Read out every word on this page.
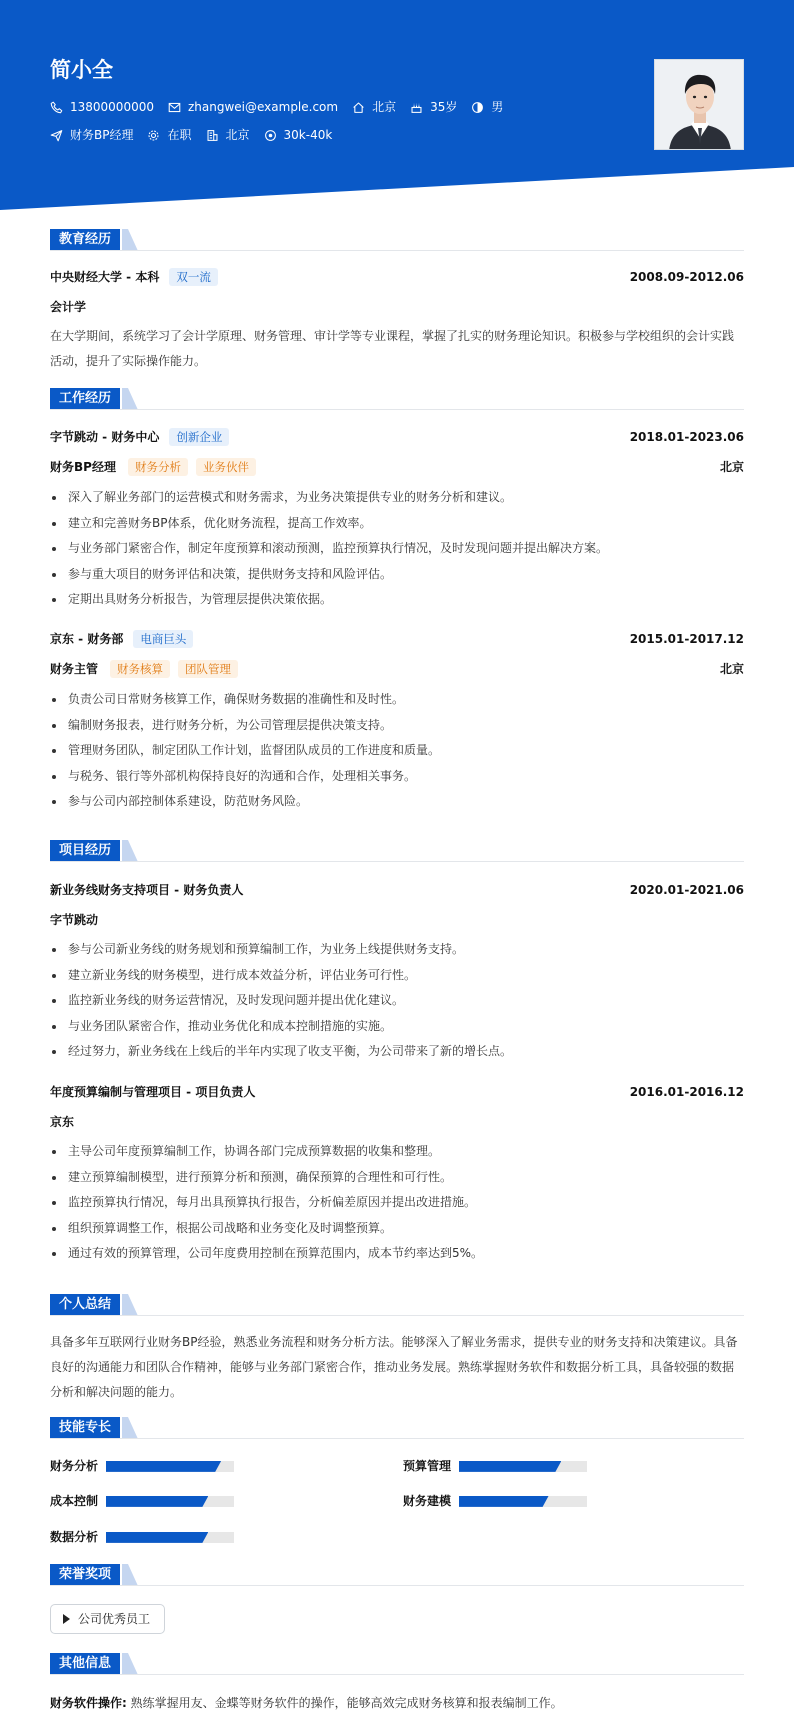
简小全
13800000000	zhangwei@example.com	北京	35岁	男
财务BP经理	在职	北京	30k-40k
教育经历
中央财经大学 - 本科	双一流	2008.09-2012.06
会计学
在大学期间，系统学习了会计学原理、财务管理、审计学等专业课程，掌握了扎实的财务理论知识。积极参与学校组织的会计实践活动，提升了实际操作能力。
工作经历
字节跳动 - 财务中心	创新企业	2018.01-2023.06
财务BP经理	财务分析	业务伙伴	北京
深入了解业务部门的运营模式和财务需求，为业务决策提供专业的财务分析和建议。
建立和完善财务BP体系，优化财务流程，提高工作效率。
与业务部门紧密合作，制定年度预算和滚动预测，监控预算执行情况，及时发现问题并提出解决方案。
参与重大项目的财务评估和决策，提供财务支持和风险评估。
定期出具财务分析报告，为管理层提供决策依据。
京东 - 财务部	电商巨头	2015.01-2017.12
财务主管	财务核算	团队管理	北京
负责公司日常财务核算工作，确保财务数据的准确性和及时性。
编制财务报表，进行财务分析，为公司管理层提供决策支持。
管理财务团队，制定团队工作计划，监督团队成员的工作进度和质量。
与税务、银行等外部机构保持良好的沟通和合作，处理相关事务。
参与公司内部控制体系建设，防范财务风险。
项目经历
新业务线财务支持项目 - 财务负责人	2020.01-2021.06
字节跳动
参与公司新业务线的财务规划和预算编制工作，为业务上线提供财务支持。
建立新业务线的财务模型，进行成本效益分析，评估业务可行性。
监控新业务线的财务运营情况，及时发现问题并提出优化建议。
与业务团队紧密合作，推动业务优化和成本控制措施的实施。
经过努力，新业务线在上线后的半年内实现了收支平衡，为公司带来了新的增长点。
年度预算编制与管理项目 - 项目负责人	2016.01-2016.12
京东
主导公司年度预算编制工作，协调各部门完成预算数据的收集和整理。
建立预算编制模型，进行预算分析和预测，确保预算的合理性和可行性。
监控预算执行情况，每月出具预算执行报告，分析偏差原因并提出改进措施。
组织预算调整工作，根据公司战略和业务变化及时调整预算。
通过有效的预算管理，公司年度费用控制在预算范围内，成本节约率达到5%。
个人总结
具备多年互联网行业财务BP经验，熟悉业务流程和财务分析方法。能够深入了解业务需求，提供专业的财务支持和决策建议。具备良好的沟通能力和团队合作精神，能够与业务部门紧密合作，推动业务发展。熟练掌握财务软件和数据分析工具，具备较强的数据分析和解决问题的能力。
技能专长
财务分析	预算管理
成本控制	财务建模
数据分析
荣誉奖项
公司优秀员工
其他信息
财务软件操作: 熟练掌握用友、金蝶等财务软件的操作，能够高效完成财务核算和报表编制工作。
